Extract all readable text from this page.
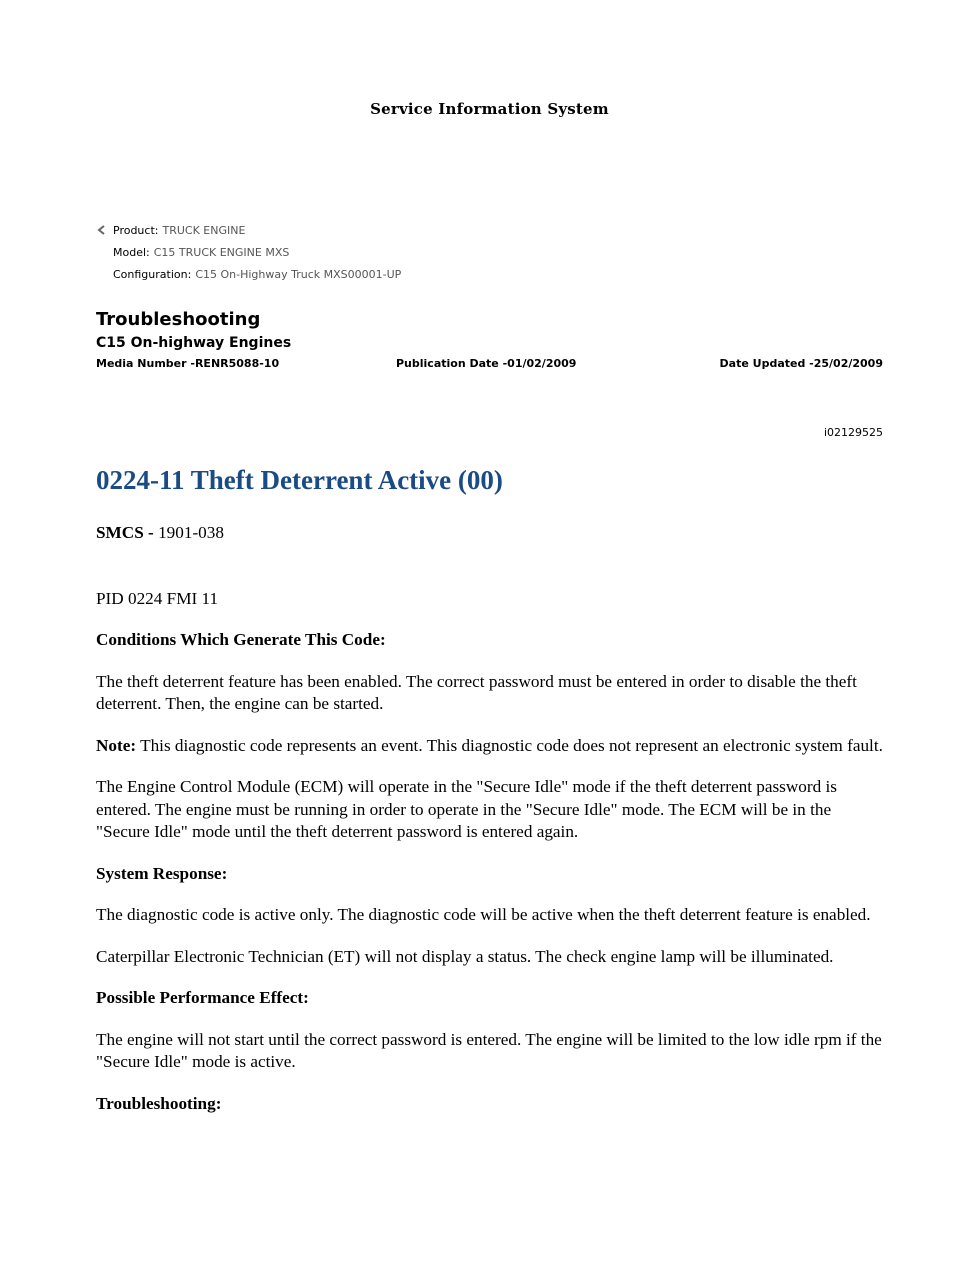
Service Information System
Product: TRUCK ENGINE
Model: C15 TRUCK ENGINE MXS
Configuration: C15 On-Highway Truck MXS00001-UP
Troubleshooting
C15 On-highway Engines
Media Number -RENR5088-10	Publication Date -01/02/2009	Date Updated -25/02/2009
i02129525
0224-11 Theft Deterrent Active (00)

SMCS - 1901-038

PID 0224 FMI 11

Conditions Which Generate This Code:

The theft deterrent feature has been enabled. The correct password must be entered in order to disable the theft deterrent. Then, the engine can be started.

Note: This diagnostic code represents an event. This diagnostic code does not represent an electronic system fault.

The Engine Control Module (ECM) will operate in the "Secure Idle" mode if the theft deterrent password is entered. The engine must be running in order to operate in the "Secure Idle" mode. The ECM will be in the "Secure Idle" mode until the theft deterrent password is entered again.

System Response:

The diagnostic code is active only. The diagnostic code will be active when the theft deterrent feature is enabled.

Caterpillar Electronic Technician (ET) will not display a status. The check engine lamp will be illuminated.

Possible Performance Effect:

The engine will not start until the correct password is entered. The engine will be limited to the low idle rpm if the "Secure Idle" mode is active.

Troubleshooting:
